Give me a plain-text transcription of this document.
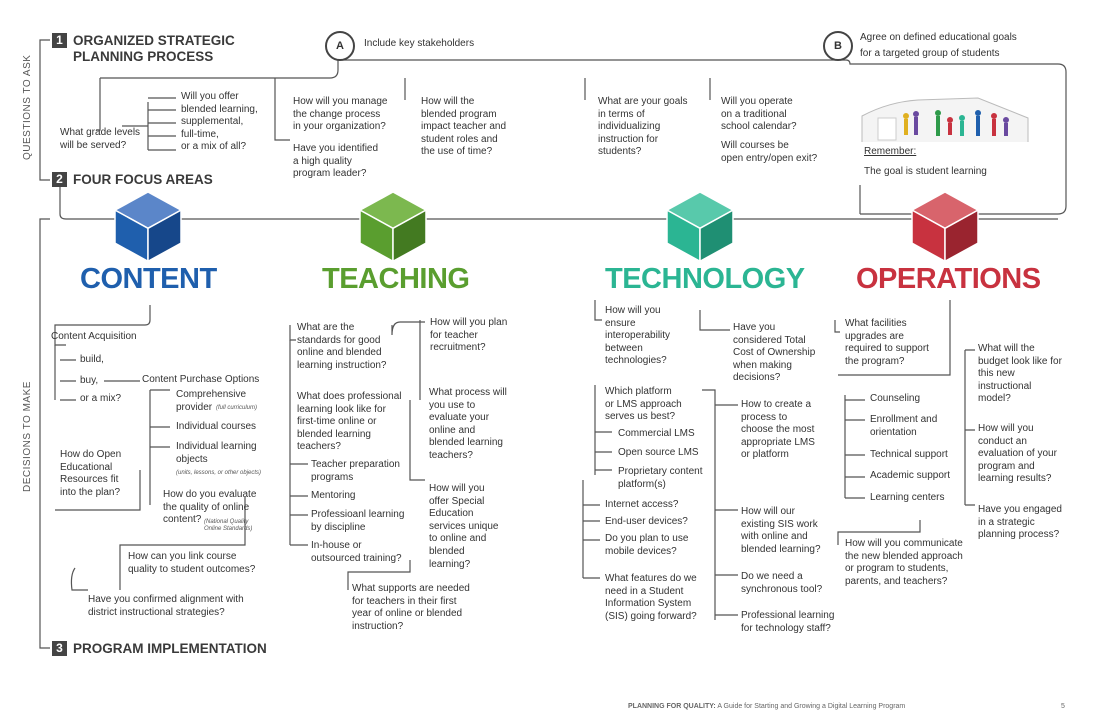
QUESTIONS TO ASK
DECISIONS TO MAKE
1 ORGANIZED STRATEGIC
PLANNING PROCESS
2 FOUR FOCUS AREAS
3 PROGRAM IMPLEMENTATION
A	Include key stakeholders	B
Agree on defined educational goals
for a targeted group of students
What grade levels
will be served?
Will you offer
blended learning,
supplemental,
full-time,
or a mix of all?
How will you manage
the change process
in your organization?
Have you identified
a high quality
program leader?
How will the
blended program
impact teacher and
student roles and
the use of time?
What are your goals
in terms of
individualizing
instruction for
students?
Will you operate
on a traditional
school calendar?
Will courses be
open entry/open exit?
Remember:
The goal is student learning
CONTENT	TEACHING	TECHNOLOGY OPERATIONS
Content Acquisition
build,
buy,
or a mix?
Content Purchase Options
Comprehensive
provider (full curriculum)
Individual courses
Individual learning
objects
(units, lessons, or other objects)
How do Open
Educational
Resources fit
into the plan?	How do you evaluate
the quality of online
content? (National Quality
Online Standards)
How can you link course
quality to student outcomes?
Have you confirmed alignment with
district instructional strategies?
What are the
standards for good
online and blended
learning instruction?
How will you plan
for teacher
recruitment?
What does professional
learning look like for
first-time online or
blended learning
teachers?
Teacher preparation
programs
Mentoring
Professioanl learning
by discipline
In-house or
outsourced training?
What process will
you use to
evaluate your
online and
blended learning
teachers?
How will you
offer Special
Education
services unique
to online and
blended
learning?
What supports are needed
for teachers in their first
year of online or blended
instruction?
How will you
ensure
interoperability
between
technologies?
Have you
considered Total
Cost of Ownership
when making
decisions?
Which platform
or LMS approach
serves us best?
Commercial LMS
Open source LMS
Proprietary content
platform(s)
How to create a
process to
choose the most
appropriate LMS
or platform
Internet access?
End-user devices?
Do you plan to use
mobile devices?
What features do we
need in a Student
Information System
(SIS) going forward?
How will our
existing SIS work
with online and
blended learning?
Do we need a
synchronous tool?
Professional learning
for technology staff?
What facilities
upgrades are
required to support
the program?
What will the
budget look like for
this new
instructional
model?
Counseling
Enrollment and
orientation
Technical support
Academic support
Learning centers
How will you
conduct an
evaluation of your
program and
learning results?
Have you engaged
in a strategic
planning process?
How will you communicate
the new blended approach
or program to students,
parents, and teachers?
PLANNING FOR QUALITY: A Guide for Starting and Growing a Digital Learning Program	5
